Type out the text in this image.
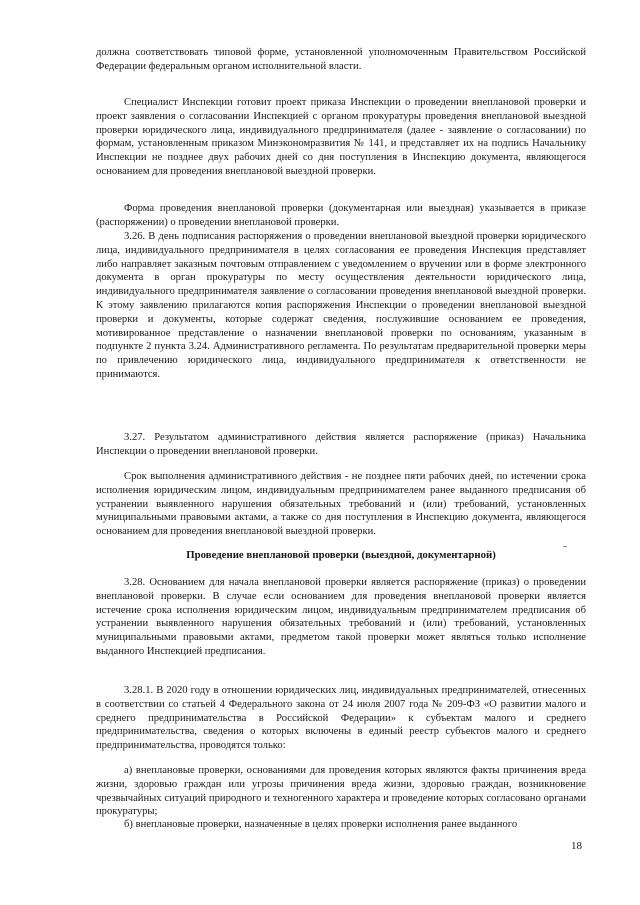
должна соответствовать типовой форме, установленной уполномоченным Правительством Российской Федерации федеральным органом исполнительной власти.

Специалист Инспекции готовит проект приказа Инспекции о проведении внеплановой проверки и проект заявления о согласовании Инспекцией с органом прокуратуры проведения внеплановой выездной проверки юридического лица, индивидуального предпринимателя (далее - заявление о согласовании) по формам, установленным приказом Минэкономразвития № 141, и представляет их на подпись Начальнику Инспекции не позднее двух рабочих дней со дня поступления в Инспекцию документа, являющегося основанием для проведения внеплановой выездной проверки.

Форма проведения внеплановой проверки (документарная или выездная) указывается в приказе (распоряжении) о проведении внеплановой проверки.

3.26. В день подписания распоряжения о проведении внеплановой выездной проверки юридического лица, индивидуального предпринимателя в целях согласования ее проведения Инспекция представляет либо направляет заказным почтовым отправлением с уведомлением о вручении или в форме электронного документа в орган прокуратуры по месту осуществления деятельности юридического лица, индивидуального предпринимателя заявление о согласовании проведения внеплановой выездной проверки. К этому заявлению прилагаются копия распоряжения Инспекции о проведении внеплановой выездной проверки и документы, которые содержат сведения, послужившие основанием ее проведения, мотивированное представление о назначении внеплановой проверки по основаниям, указанным в подпункте 2 пункта 3.24. Административного регламента. По результатам предварительной проверки меры по привлечению юридического лица, индивидуального предпринимателя к ответственности не принимаются.

3.27. Результатом административного действия является распоряжение (приказ) Начальника Инспекции о проведении внеплановой проверки.

Срок выполнения административного действия - не позднее пяти рабочих дней, по истечении срока исполнения юридическим лицом, индивидуальным предпринимателем ранее выданного предписания об устранении выявленного нарушения обязательных требований и (или) требований, установленных муниципальными правовыми актами, а также со дня поступления в Инспекцию документа, являющегося основанием для проведения внеплановой выездной проверки.

Проведение внеплановой проверки (выездной, документарной)

3.28. Основанием для начала внеплановой проверки является распоряжение (приказ) о проведении внеплановой проверки. В случае если основанием для проведения внеплановой проверки является истечение срока исполнения юридическим лицом, индивидуальным предпринимателем предписания об устранении выявленного нарушения обязательных требований и (или) требований, установленных муниципальными правовыми актами, предметом такой проверки может являться только исполнение выданного Инспекцией предписания.

3.28.1. В 2020 году в отношении юридических лиц, индивидуальных предпринимателей, отнесенных в соответствии со статьей 4 Федерального закона от 24 июля 2007 года № 209-ФЗ «О развитии малого и среднего предпринимательства в Российской Федерации» к субъектам малого и среднего предпринимательства, сведения о которых включены в единый реестр субъектов малого и среднего предпринимательства, проводятся только:

а) внеплановые проверки, основаниями для проведения которых являются факты причинения вреда жизни, здоровью граждан или угрозы причинения вреда жизни, здоровью граждан, возникновение чрезвычайных ситуаций природного и техногенного характера и проведение которых согласовано органами прокуратуры;

б) внеплановые проверки, назначенные в целях проверки исполнения ранее выданного

18
